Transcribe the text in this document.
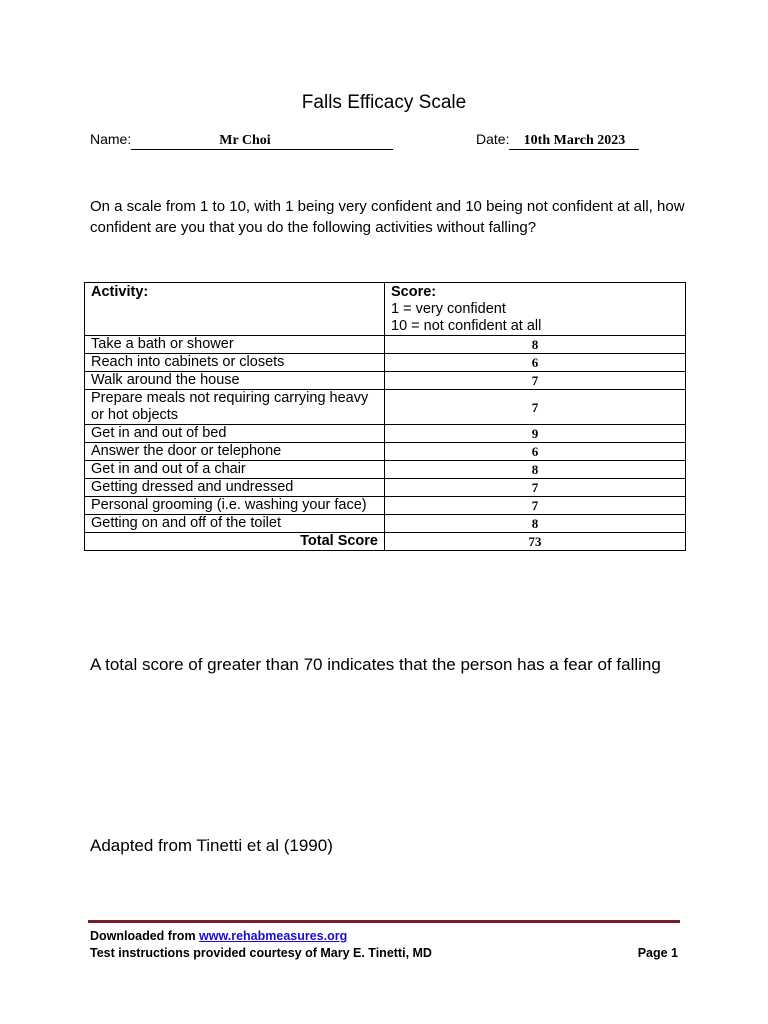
Falls Efficacy Scale
Name:	Mr Choi	Date: 10th March 2023
On a scale from 1 to 10, with 1 being very confident and 10 being not confident at all, how confident are you that you do the following activities without falling?
Activity:	Score:
1 = very confident
10 = not confident at all

Take a bath or shower	8
Reach into cabinets or closets	6
Walk around the house	7
Prepare meals not requiring carrying heavy or hot objects	7
Get in and out of bed	9
Answer the door or telephone	6
Get in and out of a chair	8
Getting dressed and undressed	7
Personal grooming (i.e. washing your face)	7
Getting on and off of the toilet	8
Total Score	73
A total score of greater than 70 indicates that the person has a fear of falling
Adapted from Tinetti et al (1990)
Downloaded from www.rehabmeasures.org
Test instructions provided courtesy of Mary E. Tinetti, MD	Page 1
